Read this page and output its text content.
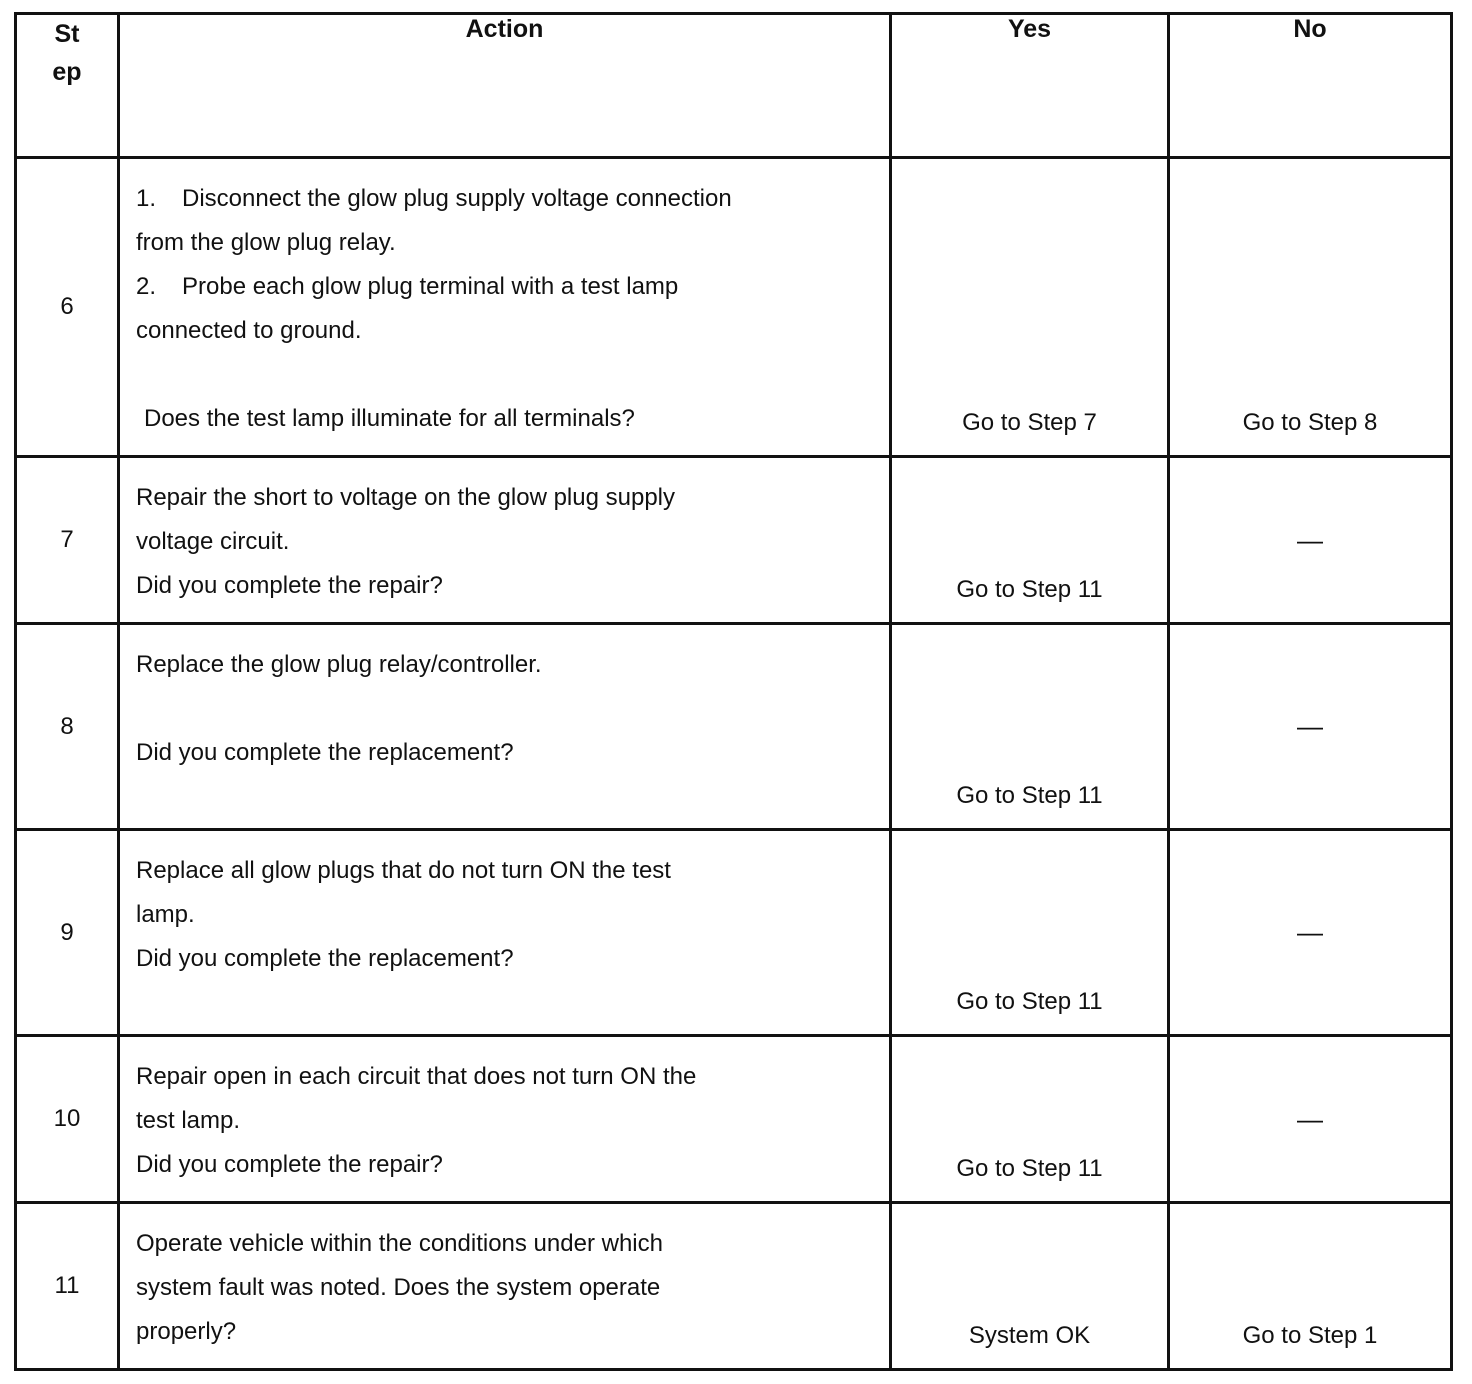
St
ep	Action	Yes	No

6	1. Disconnect the glow plug supply voltage connection

from the glow plug relay.

2. Probe each glow plug terminal with a test lamp

connected to ground.

Does the test lamp illuminate for all terminals?	Go to Step 7	Go to Step 8
7	Repair the short to voltage on the glow plug supply

voltage circuit.

Did you complete the repair?	Go to Step 11	—
8	Replace the glow plug relay/controller.

Did you complete the replacement?	Go to Step 11	—
9	Replace all glow plugs that do not turn ON the test

lamp.

Did you complete the replacement?	Go to Step 11	—
10	Repair open in each circuit that does not turn ON the

test lamp.

Did you complete the repair?	Go to Step 11	—
11	Operate vehicle within the conditions under which

system fault was noted. Does the system operate

properly?	System OK	Go to Step 1
